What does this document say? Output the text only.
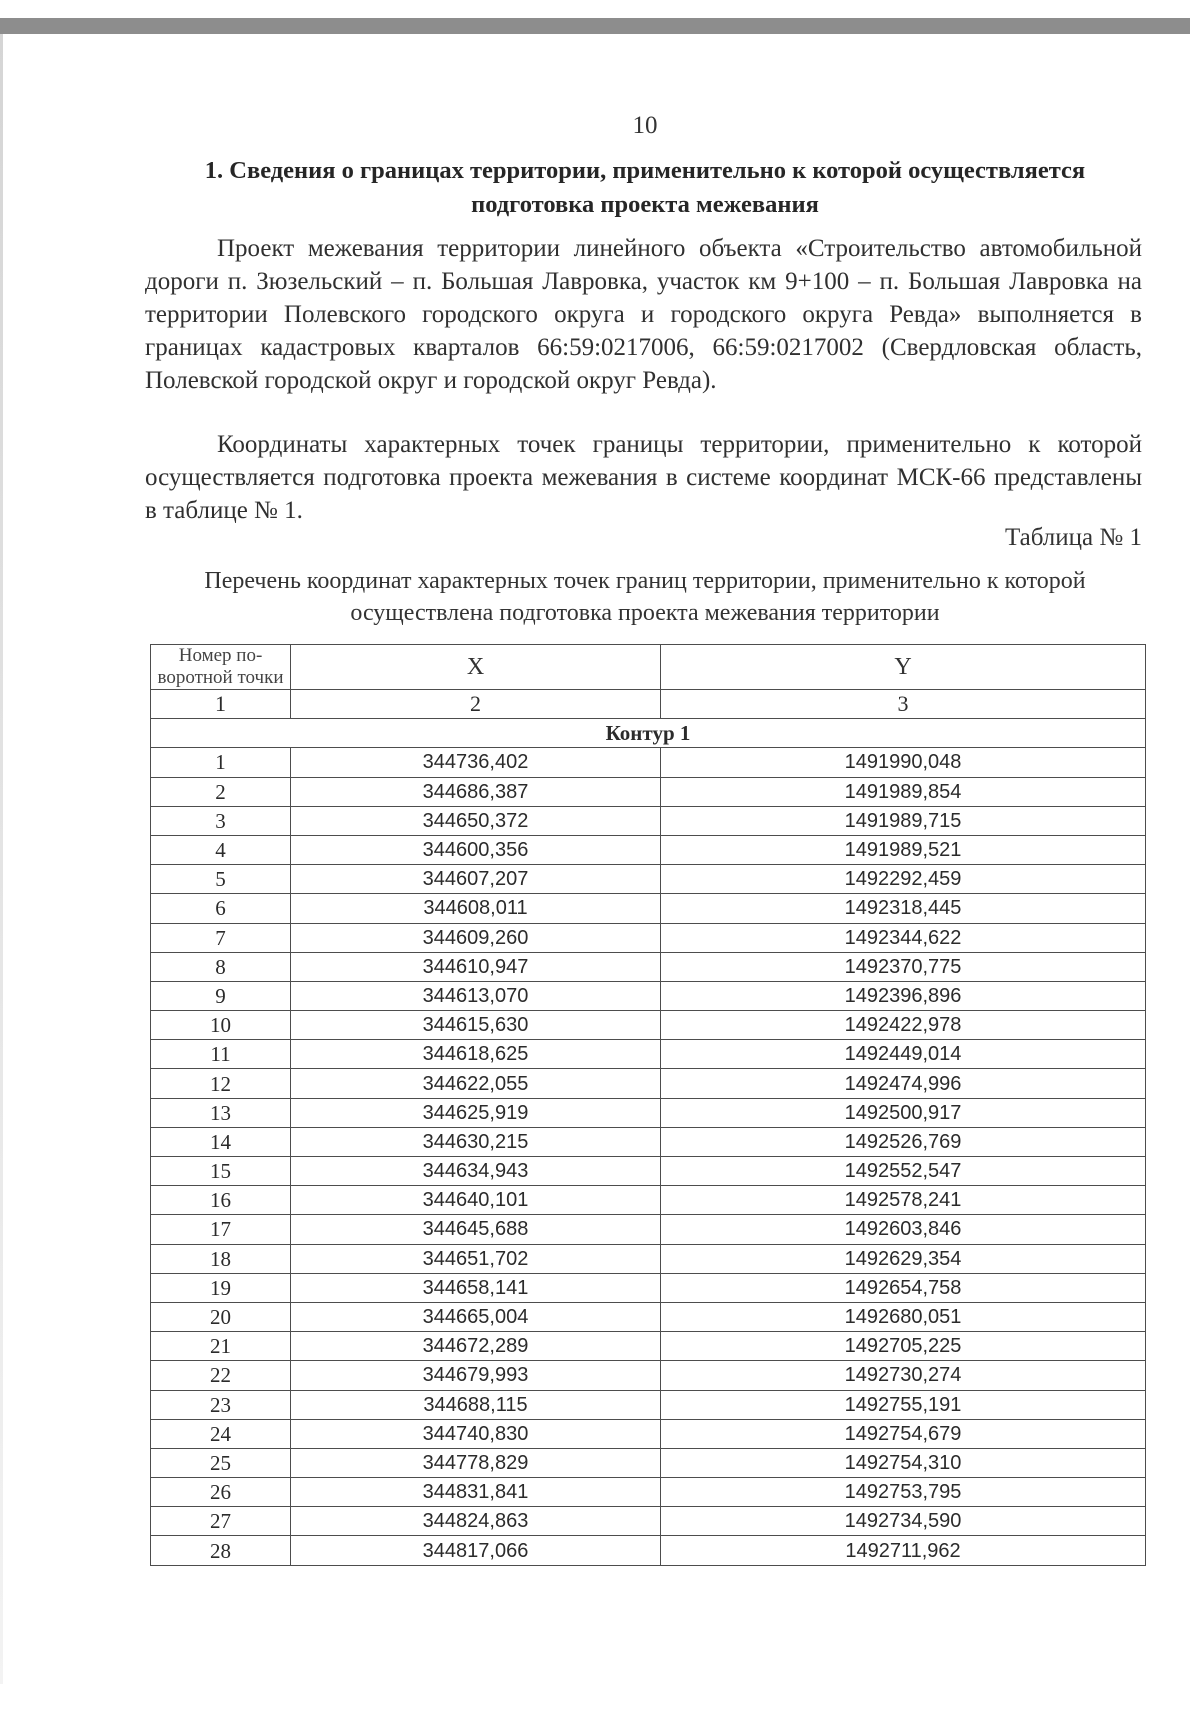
10
1. Сведения о границах территории, применительно к которой осуществляется подготовка проекта межевания

Проект межевания территории линейного объекта «Строительство автомобильной дороги п. Зюзельский – п. Большая Лавровка, участок км 9+100 – п. Большая Лавровка на территории Полевского городского округа и городского округа Ревда» выполняется в границах кадастровых кварталов 66:59:0217006, 66:59:0217002 (Свердловская область, Полевской городской округ и городской округ Ревда).

Координаты характерных точек границы территории, применительно к которой осуществляется подготовка проекта межевания в системе координат МСК-66 представлены в таблице № 1.

Таблица № 1
Перечень координат характерных точек границ территории, применительно к которой осуществлена подготовка проекта межевания территории
Номер по-воротной точки	X	Y
1	2	3
Контур 1		
1	344736,402	1491990,048
2	344686,387	1491989,854
3	344650,372	1491989,715
4	344600,356	1491989,521
5	344607,207	1492292,459
6	344608,011	1492318,445
7	344609,260	1492344,622
8	344610,947	1492370,775
9	344613,070	1492396,896
10	344615,630	1492422,978
11	344618,625	1492449,014
12	344622,055	1492474,996
13	344625,919	1492500,917
14	344630,215	1492526,769
15	344634,943	1492552,547
16	344640,101	1492578,241
17	344645,688	1492603,846
18	344651,702	1492629,354
19	344658,141	1492654,758
20	344665,004	1492680,051
21	344672,289	1492705,225
22	344679,993	1492730,274
23	344688,115	1492755,191
24	344740,830	1492754,679
25	344778,829	1492754,310
26	344831,841	1492753,795
27	344824,863	1492734,590
28	344817,066	1492711,962
